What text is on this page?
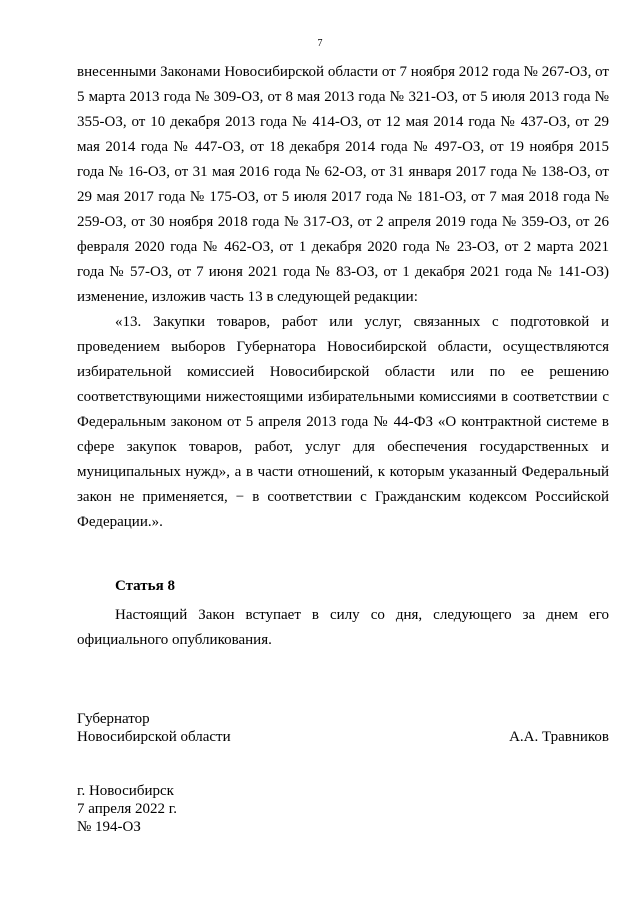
7

внесенными Законами Новосибирской области от 7 ноября 2012 года № 267-ОЗ, от 5 марта 2013 года № 309-ОЗ, от 8 мая 2013 года № 321-ОЗ, от 5 июля 2013 года № 355-ОЗ, от 10 декабря 2013 года № 414-ОЗ, от 12 мая 2014 года № 437-ОЗ, от 29 мая 2014 года № 447-ОЗ, от 18 декабря 2014 года № 497-ОЗ, от 19 ноября 2015 года № 16-ОЗ, от 31 мая 2016 года № 62-ОЗ, от 31 января 2017 года № 138-ОЗ, от 29 мая 2017 года № 175-ОЗ, от 5 июля 2017 года № 181-ОЗ, от 7 мая 2018 года № 259-ОЗ, от 30 ноября 2018 года № 317-ОЗ, от 2 апреля 2019 года № 359-ОЗ, от 26 февраля 2020 года № 462-ОЗ, от 1 декабря 2020 года № 23-ОЗ, от 2 марта 2021 года № 57-ОЗ, от 7 июня 2021 года № 83-ОЗ, от 1 декабря 2021 года № 141-ОЗ) изменение, изложив часть 13 в следующей редакции:

«13. Закупки товаров, работ или услуг, связанных с подготовкой и проведением выборов Губернатора Новосибирской области, осуществляются избирательной комиссией Новосибирской области или по ее решению соответствующими нижестоящими избирательными комиссиями в соответствии с Федеральным законом от 5 апреля 2013 года № 44-ФЗ «О контрактной системе в сфере закупок товаров, работ, услуг для обеспечения государственных и муниципальных нужд», а в части отношений, к которым указанный Федеральный закон не применяется, − в соответствии с Гражданским кодексом Российской Федерации.».

Статья 8

Настоящий Закон вступает в силу со дня, следующего за днем его официального опубликования.

Губернатор
Новосибирской области	А.А. Травников
г. Новосибирск
7 апреля 2022 г.
№ 194-ОЗ
